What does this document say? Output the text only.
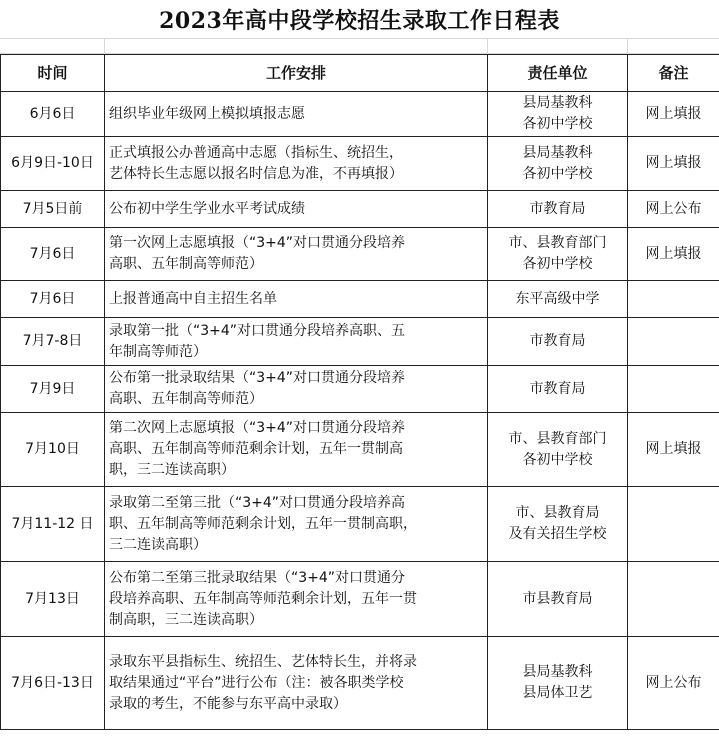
2023年高中段学校招生录取工作日程表
时间	工作安排	责任单位	备注
6月6日	组织毕业年级网上模拟填报志愿	县局基教科
各初中学校	网上填报
6月9日-10日	正式填报公办普通高中志愿（指标生、统招生，
艺体特长生志愿以报名时信息为准，不再填报）	县局基教科
各初中学校	网上填报
7月5日前	公布初中学生学业水平考试成绩	市教育局	网上公布
7月6日	第一次网上志愿填报（“3+4”对口贯通分段培养
高职、五年制高等师范）	市、县教育部门
各初中学校	网上填报
7月6日	上报普通高中自主招生名单	东平高级中学	
7月7-8日	录取第一批（“3+4”对口贯通分段培养高职、五
年制高等师范）	市教育局	
7月9日	公布第一批录取结果（“3+4”对口贯通分段培养
高职、五年制高等师范）	市教育局	
7月10日	第二次网上志愿填报（“3+4”对口贯通分段培养
高职、五年制高等师范剩余计划，五年一贯制高
职，三二连读高职）	市、县教育部门
各初中学校	网上填报
7月11-12 日	录取第二至第三批（“3+4”对口贯通分段培养高
职、五年制高等师范剩余计划，五年一贯制高职，
三二连读高职）	市、县教育局
及有关招生学校	
7月13日	公布第二至第三批录取结果（“3+4”对口贯通分
段培养高职、五年制高等师范剩余计划，五年一贯
制高职，三二连读高职）	市县教育局	
7月6日-13日	录取东平县指标生、统招生、艺体特长生，并将录
取结果通过“平台”进行公布（注：被各职类学校
录取的考生，不能参与东平高中录取）	县局基教科
县局体卫艺	网上公布
